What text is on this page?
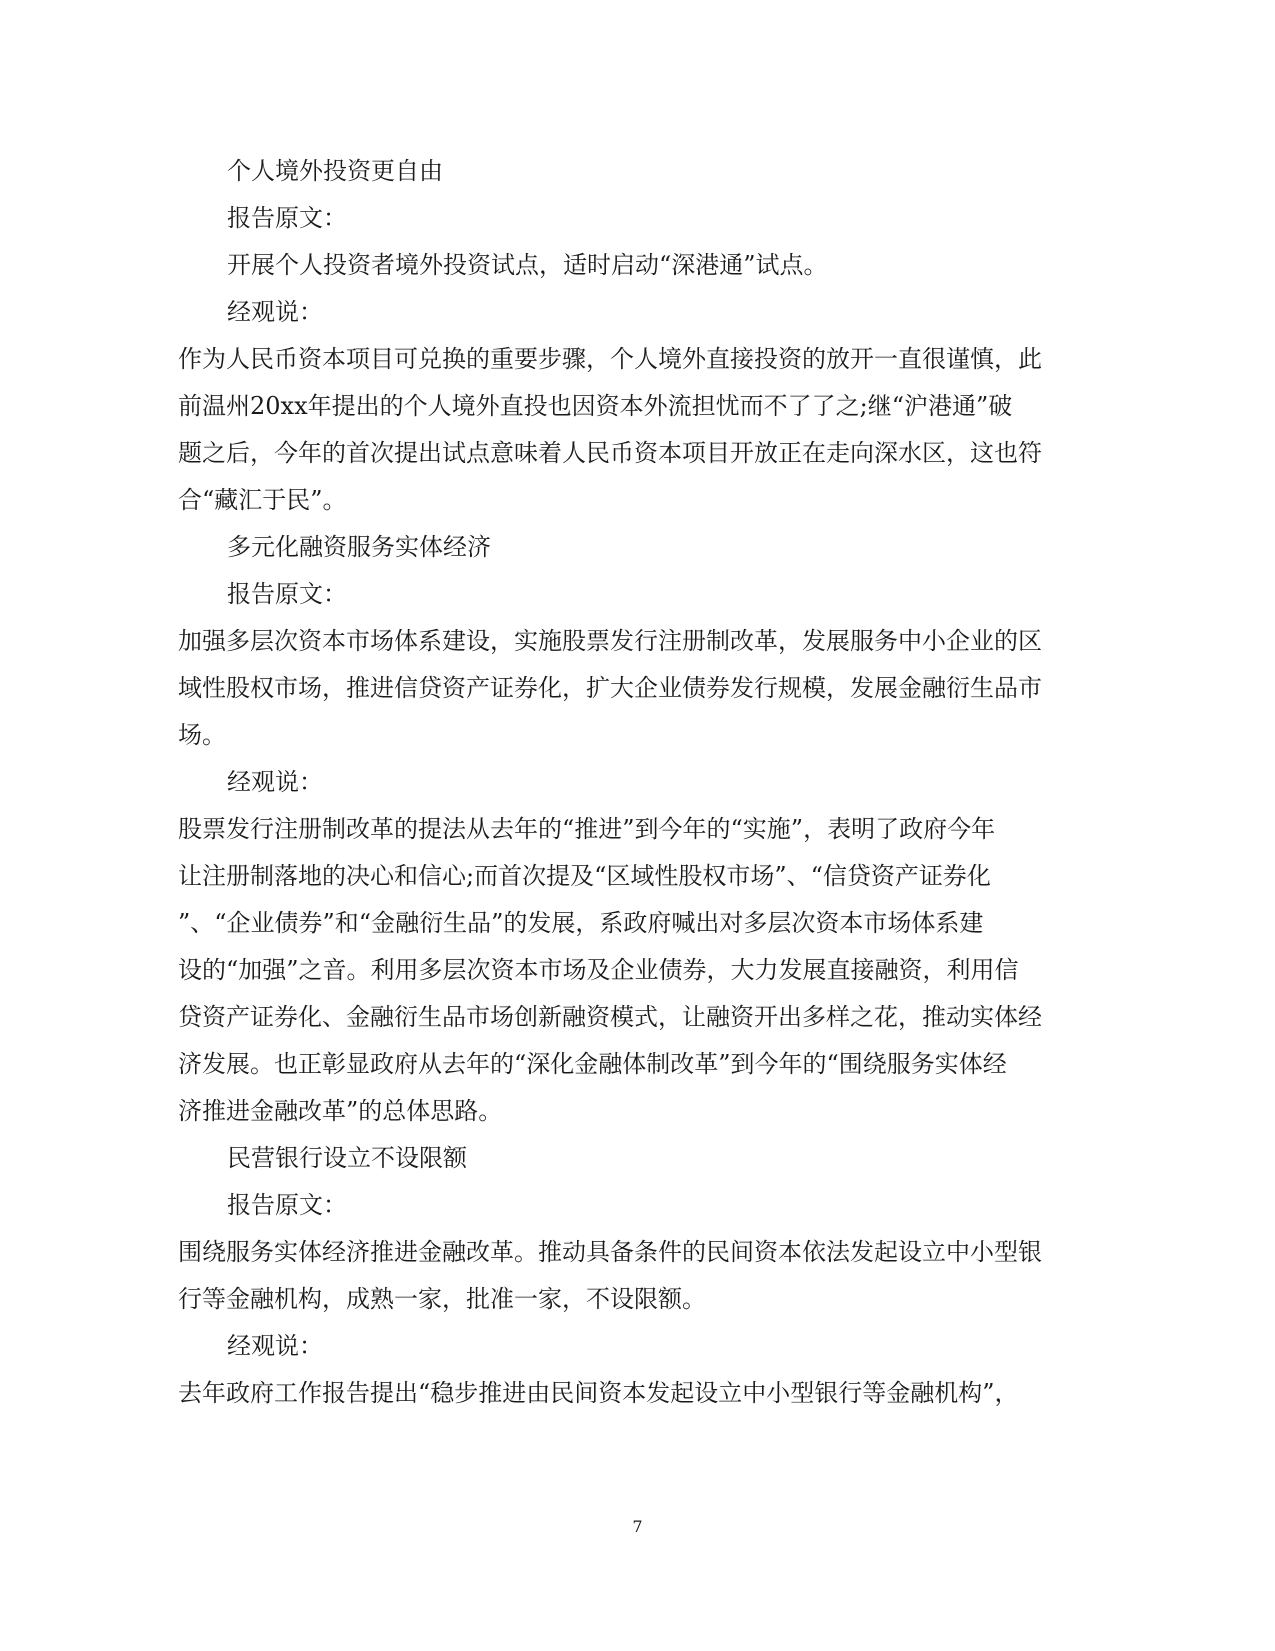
个人境外投资更自由
报告原文：
开展个人投资者境外投资试点，适时启动“深港通”试点。
经观说：
作为人民币资本项目可兑换的重要步骤，个人境外直接投资的放开一直很谨慎，此
前温州20xx年提出的个人境外直投也因资本外流担忧而不了了之;继“沪港通”破
题之后，今年的首次提出试点意味着人民币资本项目开放正在走向深水区，这也符
合“藏汇于民”。
多元化融资服务实体经济
报告原文：
加强多层次资本市场体系建设，实施股票发行注册制改革，发展服务中小企业的区
域性股权市场，推进信贷资产证券化，扩大企业债券发行规模，发展金融衍生品市
场。
经观说：
股票发行注册制改革的提法从去年的“推进”到今年的“实施”，表明了政府今年
让注册制落地的决心和信心;而首次提及“区域性股权市场”、“信贷资产证券化
”、“企业债券”和“金融衍生品”的发展，系政府喊出对多层次资本市场体系建
设的“加强”之音。利用多层次资本市场及企业债券，大力发展直接融资，利用信
贷资产证券化、金融衍生品市场创新融资模式，让融资开出多样之花，推动实体经
济发展。也正彰显政府从去年的“深化金融体制改革”到今年的“围绕服务实体经
济推进金融改革”的总体思路。
民营银行设立不设限额
报告原文：
围绕服务实体经济推进金融改革。推动具备条件的民间资本依法发起设立中小型银
行等金融机构，成熟一家，批准一家，不设限额。
经观说：
去年政府工作报告提出“稳步推进由民间资本发起设立中小型银行等金融机构”，
7
